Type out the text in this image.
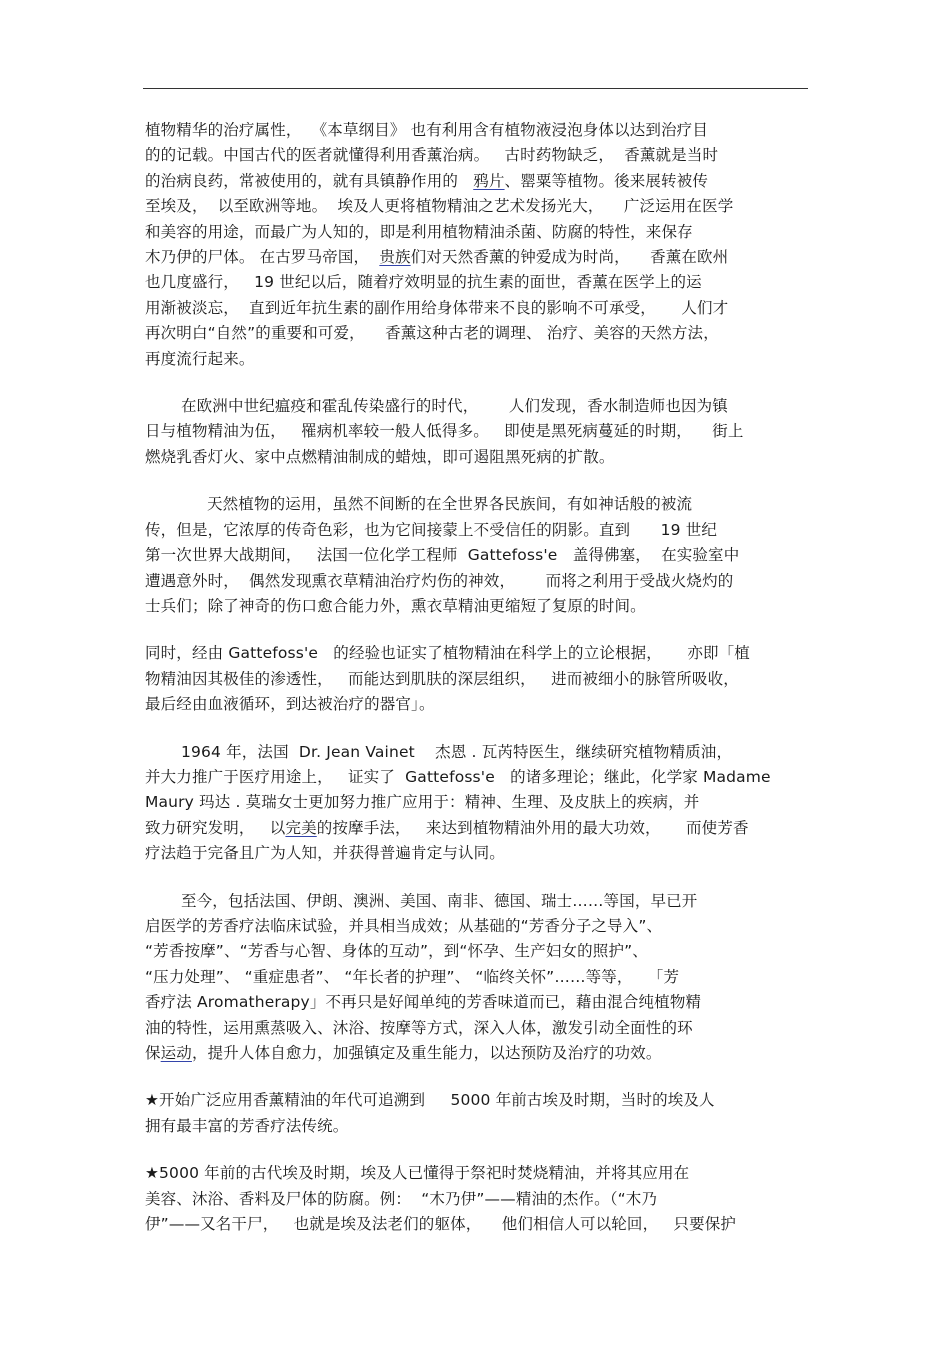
植物精华的治疗属性，  《本草纲目》 也有利用含有植物液浸泡身体以达到治疗目
的的记载。中国古代的医者就懂得利用香薰治病。   古时药物缺乏，  香薰就是当时
的治病良药，常被使用的，就有具镇静作用的   鸦片、罂粟等植物。後来展转被传
至埃及，  以至欧洲等地。  埃及人更将植物精油之艺术发扬光大，    广泛运用在医学
和美容的用途，而最广为人知的，即是利用植物精油杀菌、防腐的特性，来保存
木乃伊的尸体。 在古罗马帝国，  贵族们对天然香薰的钟爱成为时尚，    香薰在欧州
也几度盛行，   19 世纪以后，随着疗效明显的抗生素的面世，香薰在医学上的运
用渐被淡忘，  直到近年抗生素的副作用给身体带来不良的影响不可承受，     人们才
再次明白“自然”的重要和可爱，    香薰这种古老的调理、 治疗、美容的天然方法，
再度流行起来。
在欧洲中世纪瘟疫和霍乱传染盛行的时代，      人们发现，香水制造师也因为镇
日与植物精油为伍，   罹病机率较一般人低得多。   即使是黑死病蔓延的时期，    街上
燃烧乳香灯火、家中点燃精油制成的蜡烛，即可遏阻黑死病的扩散。
天然植物的运用，虽然不间断的在全世界各民族间，有如神话般的被流
传，但是，它浓厚的传奇色彩，也为它间接蒙上不受信任的阴影。直到      19 世纪
第一次世界大战期间，   法国一位化学工程师  Gattefoss'e   盖得佛塞，  在实验室中
遭遇意外时，  偶然发现熏衣草精油治疗灼伤的神效，      而将之利用于受战火烧灼的
士兵们；除了神奇的伤口愈合能力外，熏衣草精油更缩短了复原的时间。
同时，经由 Gattefoss'e   的经验也证实了植物精油在科学上的立论根据，     亦即「植
物精油因其极佳的渗透性，   而能达到肌肤的深层组织，   进而被细小的脉管所吸收，
最后经由血液循环，到达被治疗的器官」。
1964 年，法国  Dr. Jean Vainet    杰恩 . 瓦芮特医生，继续研究植物精质油，
并大力推广于医疗用途上，   证实了  Gattefoss'e   的诸多理论；继此，化学家 Madame
Maury 玛达 . 莫瑞女士更加努力推广应用于：精神、生理、及皮肤上的疾病，并
致力研究发明，   以完美的按摩手法，   来达到植物精油外用的最大功效，     而使芳香
疗法趋于完备且广为人知，并获得普遍肯定与认同。
至今，包括法国、伊朗、澳洲、美国、南非、德国、瑞士……等国，早已开
启医学的芳香疗法临床试验，并具相当成效；从基础的“芳香分子之导入”、
“芳香按摩”、“芳香与心智、身体的互动”，到“怀孕、生产妇女的照护”、
“压力处理”、 “重症患者”、 “年长者的护理”、 “临终关怀”……等等，   「芳
香疗法 Aromatherapy」不再只是好闻单纯的芳香味道而已，藉由混合纯植物精
油的特性，运用熏蒸吸入、沐浴、按摩等方式，深入人体，激发引动全面性的环
保运动，提升人体自愈力，加强镇定及重生能力，以达预防及治疗的功效。
★开始广泛应用香薰精油的年代可追溯到     5000 年前古埃及时期，当时的埃及人
拥有最丰富的芳香疗法传统。
★5000 年前的古代埃及时期，埃及人已懂得于祭祀时焚烧精油，并将其应用在
美容、沐浴、香料及尸体的防腐。例：  “木乃伊”——精油的杰作。（“木乃
伊”——又名干尸，   也就是埃及法老们的躯体，    他们相信人可以轮回，   只要保护
